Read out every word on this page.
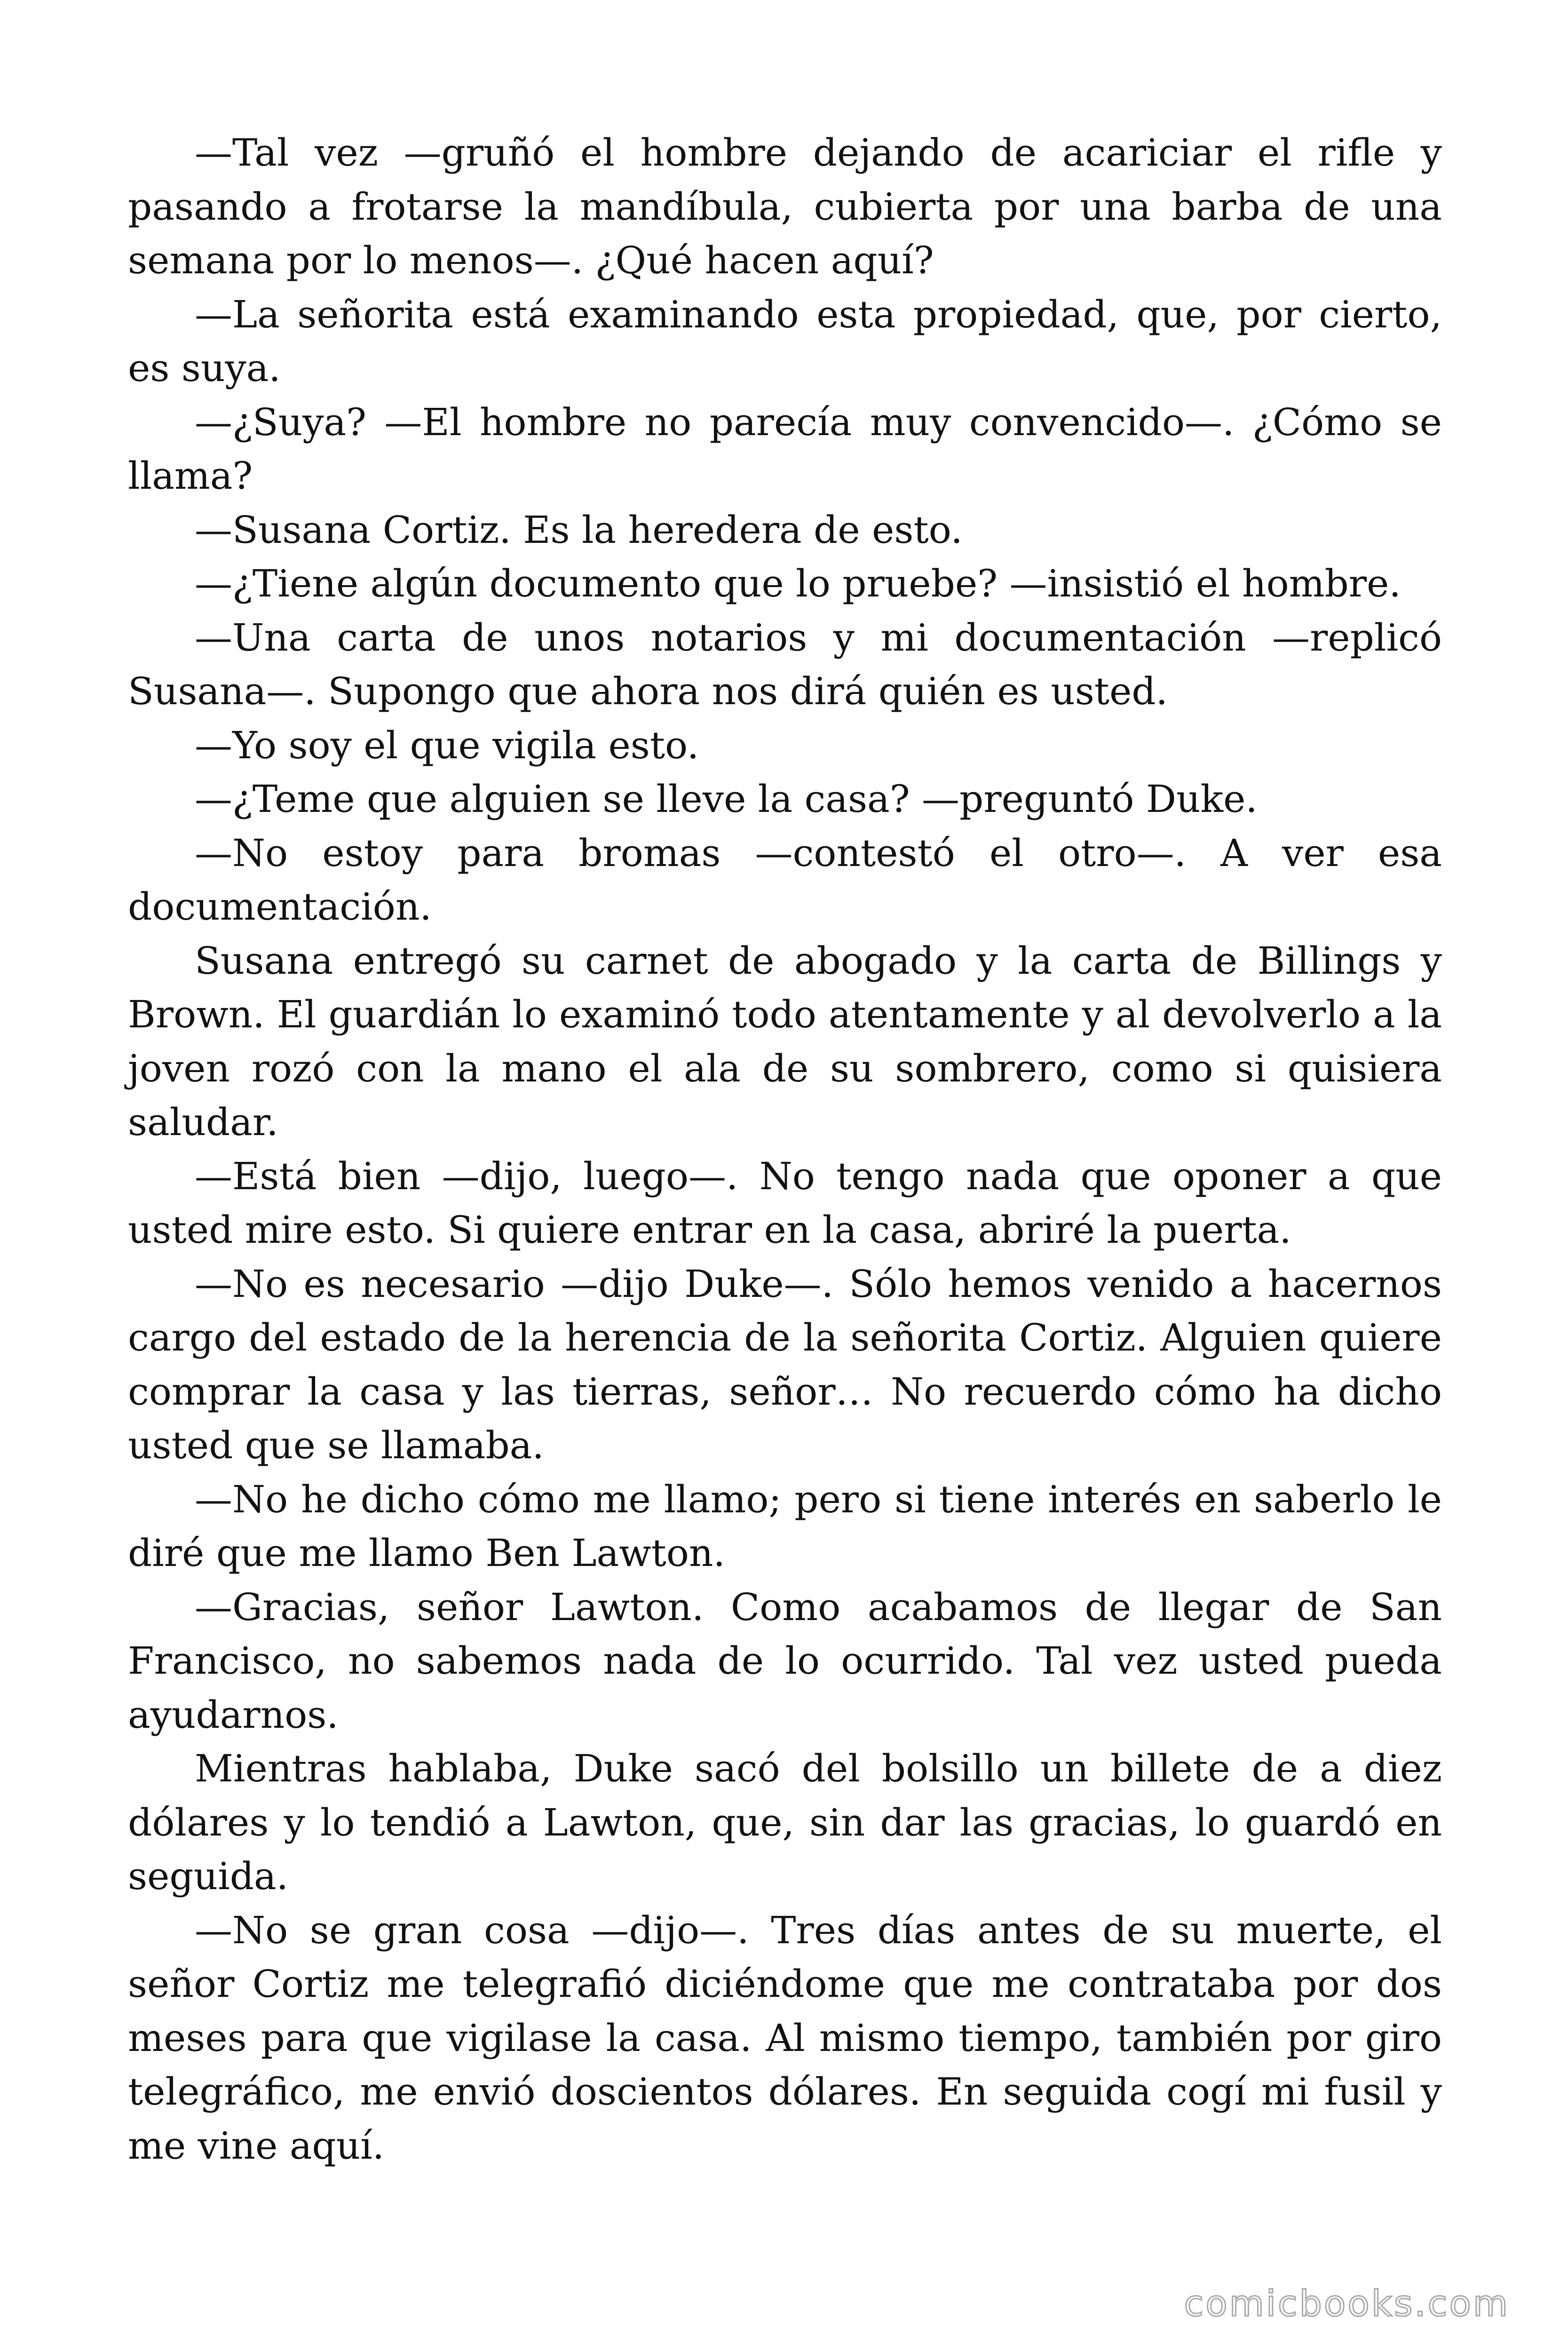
—Tal vez —gruñó el hombre dejando de acariciar el rifle y pasando a frotarse la mandíbula, cubierta por una barba de una semana por lo menos—. ¿Qué hacen aquí?

—La señorita está examinando esta propiedad, que, por cierto, es suya.

—¿Suya? —El hombre no parecía muy convencido—. ¿Cómo se llama?

—Susana Cortiz. Es la heredera de esto.

—¿Tiene algún documento que lo pruebe? —insistió el hombre.

—Una carta de unos notarios y mi documentación —replicó Susana—. Supongo que ahora nos dirá quién es usted.

—Yo soy el que vigila esto.

—¿Teme que alguien se lleve la casa? —preguntó Duke.

—No estoy para bromas —contestó el otro—. A ver esa documentación.

Susana entregó su carnet de abogado y la carta de Billings y Brown. El guardián lo examinó todo atentamente y al devolverlo a la joven rozó con la mano el ala de su sombrero, como si quisiera saludar.

—Está bien —dijo, luego—. No tengo nada que oponer a que usted mire esto. Si quiere entrar en la casa, abriré la puerta.

—No es necesario —dijo Duke—. Sólo hemos venido a hacernos cargo del estado de la herencia de la señorita Cortiz. Alguien quiere comprar la casa y las tierras, señor… No recuerdo cómo ha dicho usted que se llamaba.

—No he dicho cómo me llamo; pero si tiene interés en saberlo le diré que me llamo Ben Lawton.

—Gracias, señor Lawton. Como acabamos de llegar de San Francisco, no sabemos nada de lo ocurrido. Tal vez usted pueda ayudarnos.

Mientras hablaba, Duke sacó del bolsillo un billete de a diez dólares y lo tendió a Lawton, que, sin dar las gracias, lo guardó en seguida.

—No se gran cosa —dijo—. Tres días antes de su muerte, el señor Cortiz me telegrafió diciéndome que me contrataba por dos meses para que vigilase la casa. Al mismo tiempo, también por giro telegráfico, me envió doscientos dólares. En seguida cogí mi fusil y me vine aquí.

comicbooks.com
